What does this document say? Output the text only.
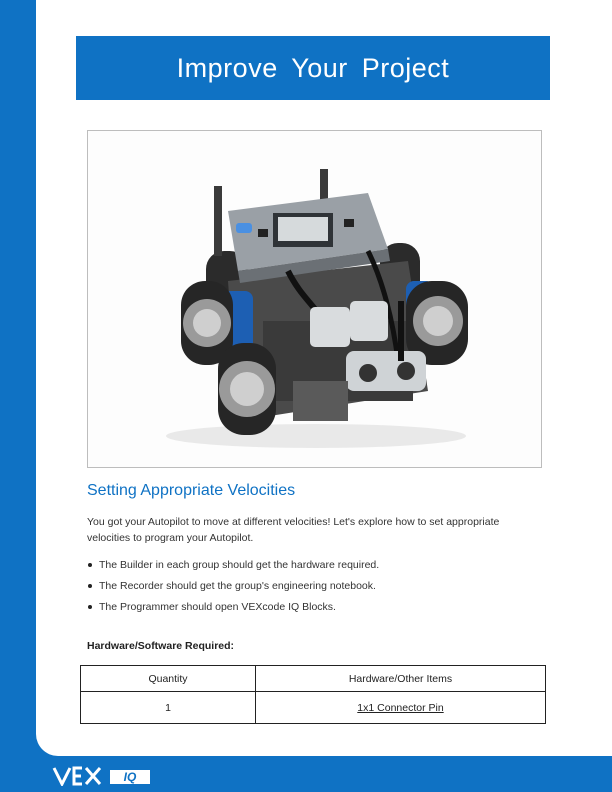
Improve Your Project
Setting Appropriate Velocities

You got your Autopilot to move at different velocities! Let's explore how to set appropriate velocities to program your Autopilot.

The Builder in each group should get the hardware required.
The Recorder should get the group's engineering notebook.
The Programmer should open VEXcode IQ Blocks.

Hardware/Software Required:

Quantity	Hardware/Other Items
1	1x1 Connector Pin
IQ
